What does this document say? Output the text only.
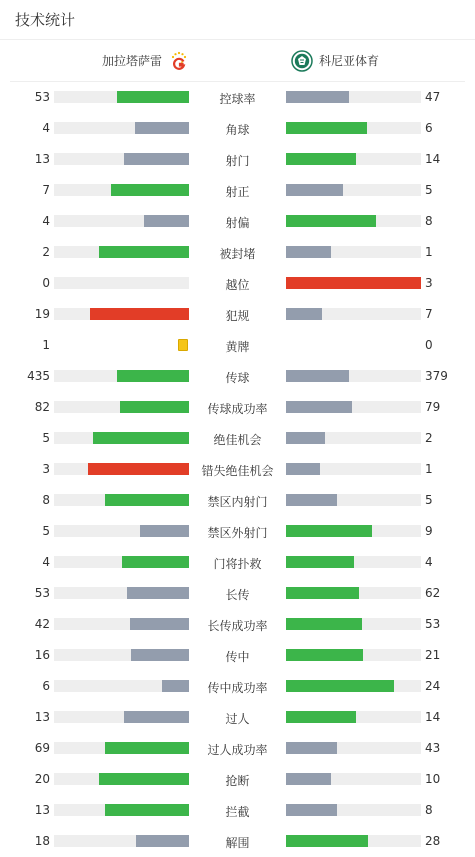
技术统计
加拉塔萨雷	科尼亚体育
53	控球率	47
4	角球	6
13	射门	14
7	射正	5
4	射偏	8
2	被封堵	1
0	越位	3
19	犯规	7
1	黄牌	0
435	传球	379
82	传球成功率	79
5	绝佳机会	2
3	错失绝佳机会	1
8	禁区内射门	5
5	禁区外射门	9
4	门将扑救	4
53	长传	62
42	长传成功率	53
16	传中	21
6	传中成功率	24
13	过人	14
69	过人成功率	43
20	抢断	10
13	拦截	8
18	解围	28
